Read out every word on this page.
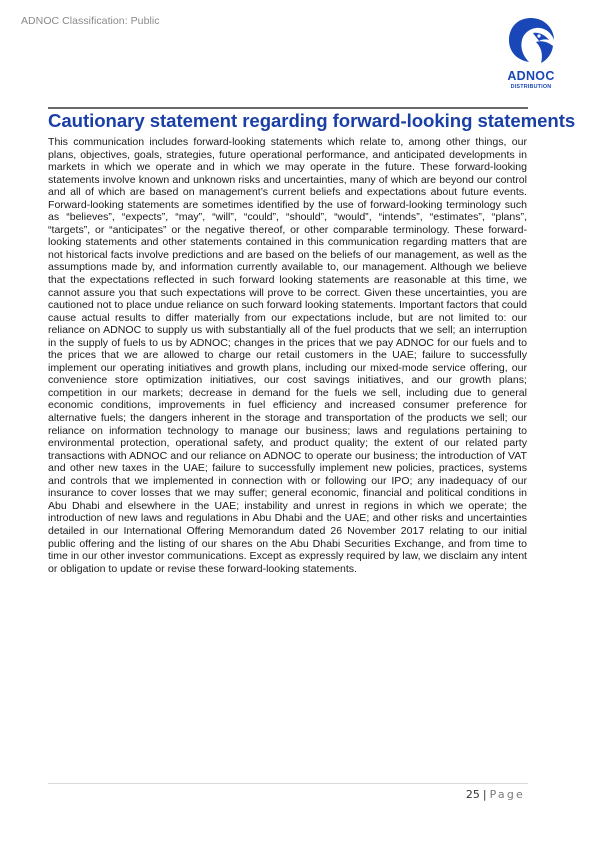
ADNOC Classification: Public
ADNOC
DISTRIBUTION
Cautionary statement regarding forward-looking statements

This communication includes forward-looking statements which relate to, among other things, our plans, objectives, goals, strategies, future operational performance, and anticipated developments in markets in which we operate and in which we may operate in the future. These forward-looking statements involve known and unknown risks and uncertainties, many of which are beyond our control and all of which are based on management’s current beliefs and expectations about future events. Forward-looking statements are sometimes identified by the use of forward-looking terminology such as “believes”, “expects”, “may”, “will”, “could”, “should”, “would”, “intends”, “estimates”, “plans”, “targets”, or “anticipates” or the negative thereof, or other comparable terminology. These forward-looking statements and other statements contained in this communication regarding matters that are not historical facts involve predictions and are based on the beliefs of our management, as well as the assumptions made by, and information currently available to, our management. Although we believe that the expectations reflected in such forward looking statements are reasonable at this time, we cannot assure you that such expectations will prove to be correct. Given these uncertainties, you are cautioned not to place undue reliance on such forward looking statements. Important factors that could cause actual results to differ materially from our expectations include, but are not limited to: our reliance on ADNOC to supply us with substantially all of the fuel products that we sell; an interruption in the supply of fuels to us by ADNOC; changes in the prices that we pay ADNOC for our fuels and to the prices that we are allowed to charge our retail customers in the UAE; failure to successfully implement our operating initiatives and growth plans, including our mixed-mode service offering, our convenience store optimization initiatives, our cost savings initiatives, and our growth plans; competition in our markets; decrease in demand for the fuels we sell, including due to general economic conditions, improvements in fuel efficiency and increased consumer preference for alternative fuels; the dangers inherent in the storage and transportation of the products we sell; our reliance on information technology to manage our business; laws and regulations pertaining to environmental protection, operational safety, and product quality; the extent of our related party transactions with ADNOC and our reliance on ADNOC to operate our business; the introduction of VAT and other new taxes in the UAE; failure to successfully implement new policies, practices, systems and controls that we implemented in connection with or following our IPO; any inadequacy of our insurance to cover losses that we may suffer; general economic, financial and political conditions in Abu Dhabi and elsewhere in the UAE; instability and unrest in regions in which we operate; the introduction of new laws and regulations in Abu Dhabi and the UAE; and other risks and uncertainties detailed in our International Offering Memorandum dated 26 November 2017 relating to our initial public offering and the listing of our shares on the Abu Dhabi Securities Exchange, and from time to time in our other investor communications. Except as expressly required by law, we disclaim any intent or obligation to update or revise these forward-looking statements.

25 | Page
